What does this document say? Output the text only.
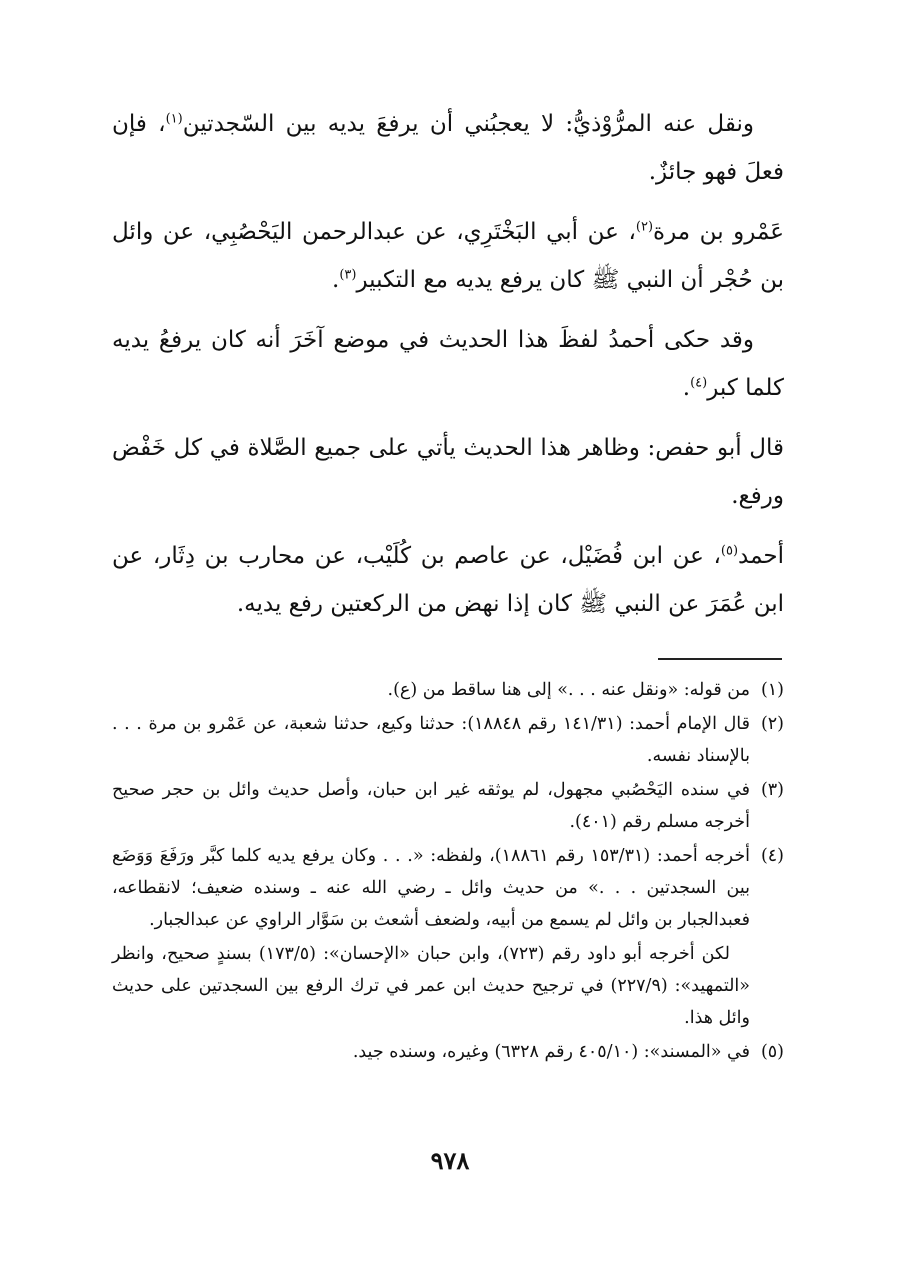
ونقل عنه المرُّوْذيُّ: لا يعجبُني أن يرفعَ يديه بين السّجدتين$^{(١)}$، فإن فعلَ فهو جائزٌ.

عَمْرو بن مرة$^{(٢)}$، عن أبي البَخْتَرِي، عن عبدالرحمن اليَحْصُبِي، عن وائل بن حُجْر أن النبي ﷺ كان يرفع يديه مع التكبير$^{(٣)}$.

وقد حكى أحمدُ لفظَ هذا الحديث في موضع آخَرَ أنه كان يرفعُ يديه كلما كبر$^{(٤)}$.

قال أبو حفص: وظاهر هذا الحديث يأتي على جميع الصَّلاة في كل خَفْض ورفع.

أحمد$^{(٥)}$، عن ابن فُضَيْل، عن عاصم بن كُلَيْب، عن محارب بن دِثَار، عن ابن عُمَرَ عن النبي ﷺ كان إذا نهض من الركعتين رفع يديه.

(١)
من قوله: «ونقل عنه . . .» إلى هنا ساقط من (ع).
(٢)
قال الإمام أحمد: (١٤١/٣١ رقم ١٨٨٤٨): حدثنا وكيع، حدثنا شعبة، عن عَمْرو بن مرة . . . بالإسناد نفسه.
(٣)
في سنده اليَحْصُبي مجهول، لم يوثقه غير ابن حبان، وأصل حديث وائل بن حجر صحيح أخرجه مسلم رقم (٤٠١).
(٤)
أخرجه أحمد: (١٥٣/٣١ رقم ١٨٨٦١)، ولفظه: «. . . وكان يرفع يديه كلما كبَّر ورَفَعَ وَوَضَع بين السجدتين . . .» من حديث وائل ـ رضي الله عنه ـ وسنده ضعيف؛ لانقطاعه، فعبدالجبار بن وائل لم يسمع من أبيه، ولضعف أشعث بن سَوَّار الراوي عن عبدالجبار.
لكن أخرجه أبو داود رقم (٧٢٣)، وابن حبان «الإحسان»: (١٧٣/٥) بسندٍ صحيح، وانظر «التمهيد»: (٢٢٧/٩) في ترجيح حديث ابن عمر في ترك الرفع بين السجدتين على حديث وائل هذا.
(٥)
في «المسند»: (٤٠٥/١٠ رقم ٦٣٢٨) وغيره، وسنده جيد.
٩٧٨
